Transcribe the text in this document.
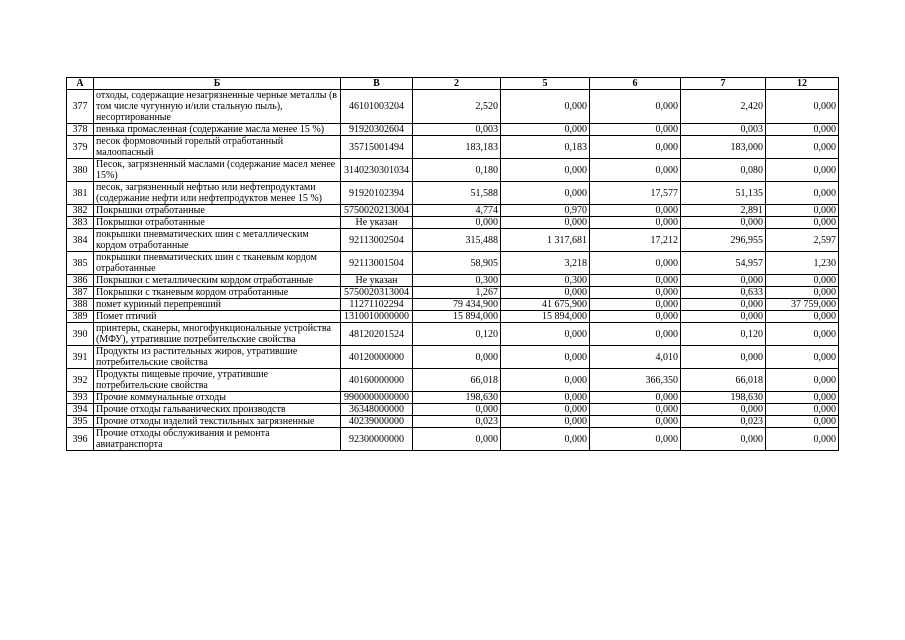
А	Б	В	2	5	6	7	12
377	отходы, содержащие незагрязненные черные металлы (в том числе чугунную и/или стальную пыль), несортированные	46101003204	2,520	0,000	0,000	2,420	0,000
378	пенька промасленная (содержание масла менее 15 %)	91920302604	0,003	0,000	0,000	0,003	0,000
379	песок формовочный горелый отработанный малоопасный	35715001494	183,183	0,183	0,000	183,000	0,000
380	Песок, загрязненный маслами (содержание масел менее 15%)	3140230301034	0,180	0,000	0,000	0,080	0,000
381	песок, загрязненный нефтью или нефтепродуктами (содержание нефти или нефтепродуктов менее 15 %)	91920102394	51,588	0,000	17,577	51,135	0,000
382	Покрышки отработанные	5750020213004	4,774	0,970	0,000	2,891	0,000
383	Покрышки отработанные	Не указан	0,000	0,000	0,000	0,000	0,000
384	покрышки пневматических шин с металлическим кордом отработанные	92113002504	315,488	1 317,681	17,212	296,955	2,597
385	покрышки пневматических шин с тканевым кордом отработанные	92113001504	58,905	3,218	0,000	54,957	1,230
386	Покрышки с металлическим кордом отработанные	Не указан	0,300	0,300	0,000	0,000	0,000
387	Покрышки с тканевым кордом отработанные	5750020313004	1,267	0,000	0,000	0,633	0,000
388	помет куриный перепревший	11271102294	79 434,900	41 675,900	0,000	0,000	37 759,000
389	Помет птичий	1310010000000	15 894,000	15 894,000	0,000	0,000	0,000
390	принтеры, сканеры, многофункциональные устройства (МФУ), утратившие потребительские свойства	48120201524	0,120	0,000	0,000	0,120	0,000
391	Продукты из растительных жиров, утратившие потребительские свойства	40120000000	0,000	0,000	4,010	0,000	0,000
392	Продукты пищевые прочие, утратившие потребительские свойства	40160000000	66,018	0,000	366,350	66,018	0,000
393	Прочие коммунальные отходы	9900000000000	198,630	0,000	0,000	198,630	0,000
394	Прочие отходы гальванических производств	36348000000	0,000	0,000	0,000	0,000	0,000
395	Прочие отходы изделий текстильных загрязненные	40239000000	0,023	0,000	0,000	0,023	0,000
396	Прочие отходы обслуживания и ремонта авиатранспорта	92300000000	0,000	0,000	0,000	0,000	0,000
